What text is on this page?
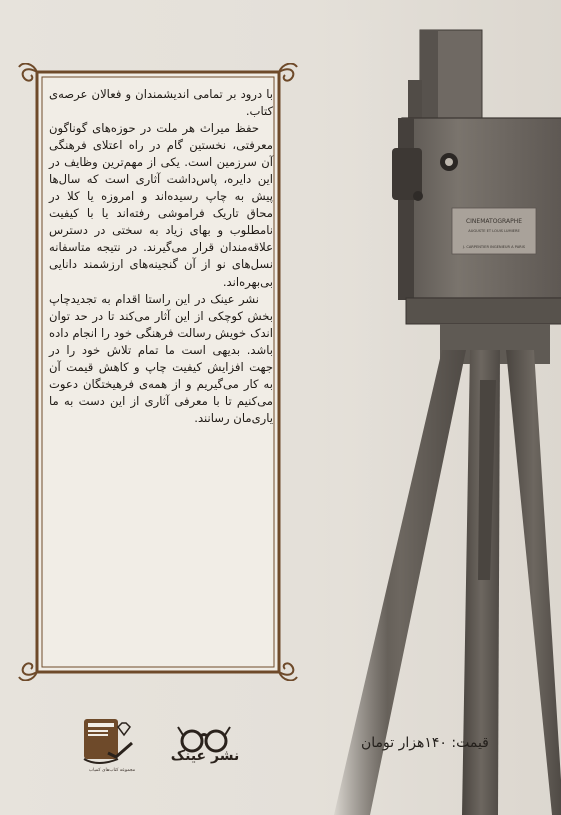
با درود بر تمامی اندیشمندان و فعالان عرصه‌ی کتاب.

حفظ میراث هر ملت در حوزه‌های گوناگون معرفتی، نخستین گام در راه اعتلای فرهنگی آن سرزمین است. یکی از مهم‌ترین وظایف در این دایره، پاس‌داشت آثاری است که سال‌ها پیش به چاپ رسیده‌اند و امروزه یا کلا در محاق تاریک فراموشی رفته‌اند یا با کیفیت نامطلوب و بهای زیاد به سختی در دسترس علاقه‌مندان قرار می‌گیرند. در نتیجه متاسفانه نسل‌های نو از آن گنجینه‌های ارزشمند دانایی بی‌بهره‌اند.

نشر عینک در این راستا اقدام به تجدیدچاپ بخش کوچکی از این آثار می‌کند تا در حد توان اندک خویش رسالت فرهنگی خود را انجام داده باشد. بدیهی است ما تمام تلاش خود را در جهت افزایش کیفیت چاپ و کاهش قیمت آن به کار می‌گیریم و از همه‌ی فرهیختگان دعوت می‌کنیم تا با معرفی آثاری از این دست به ما یاری‌مان رسانند.

قیمت: ۱۴۰هزار تومان
نشر عینک
مجموعه کتاب‌های کمیاب
